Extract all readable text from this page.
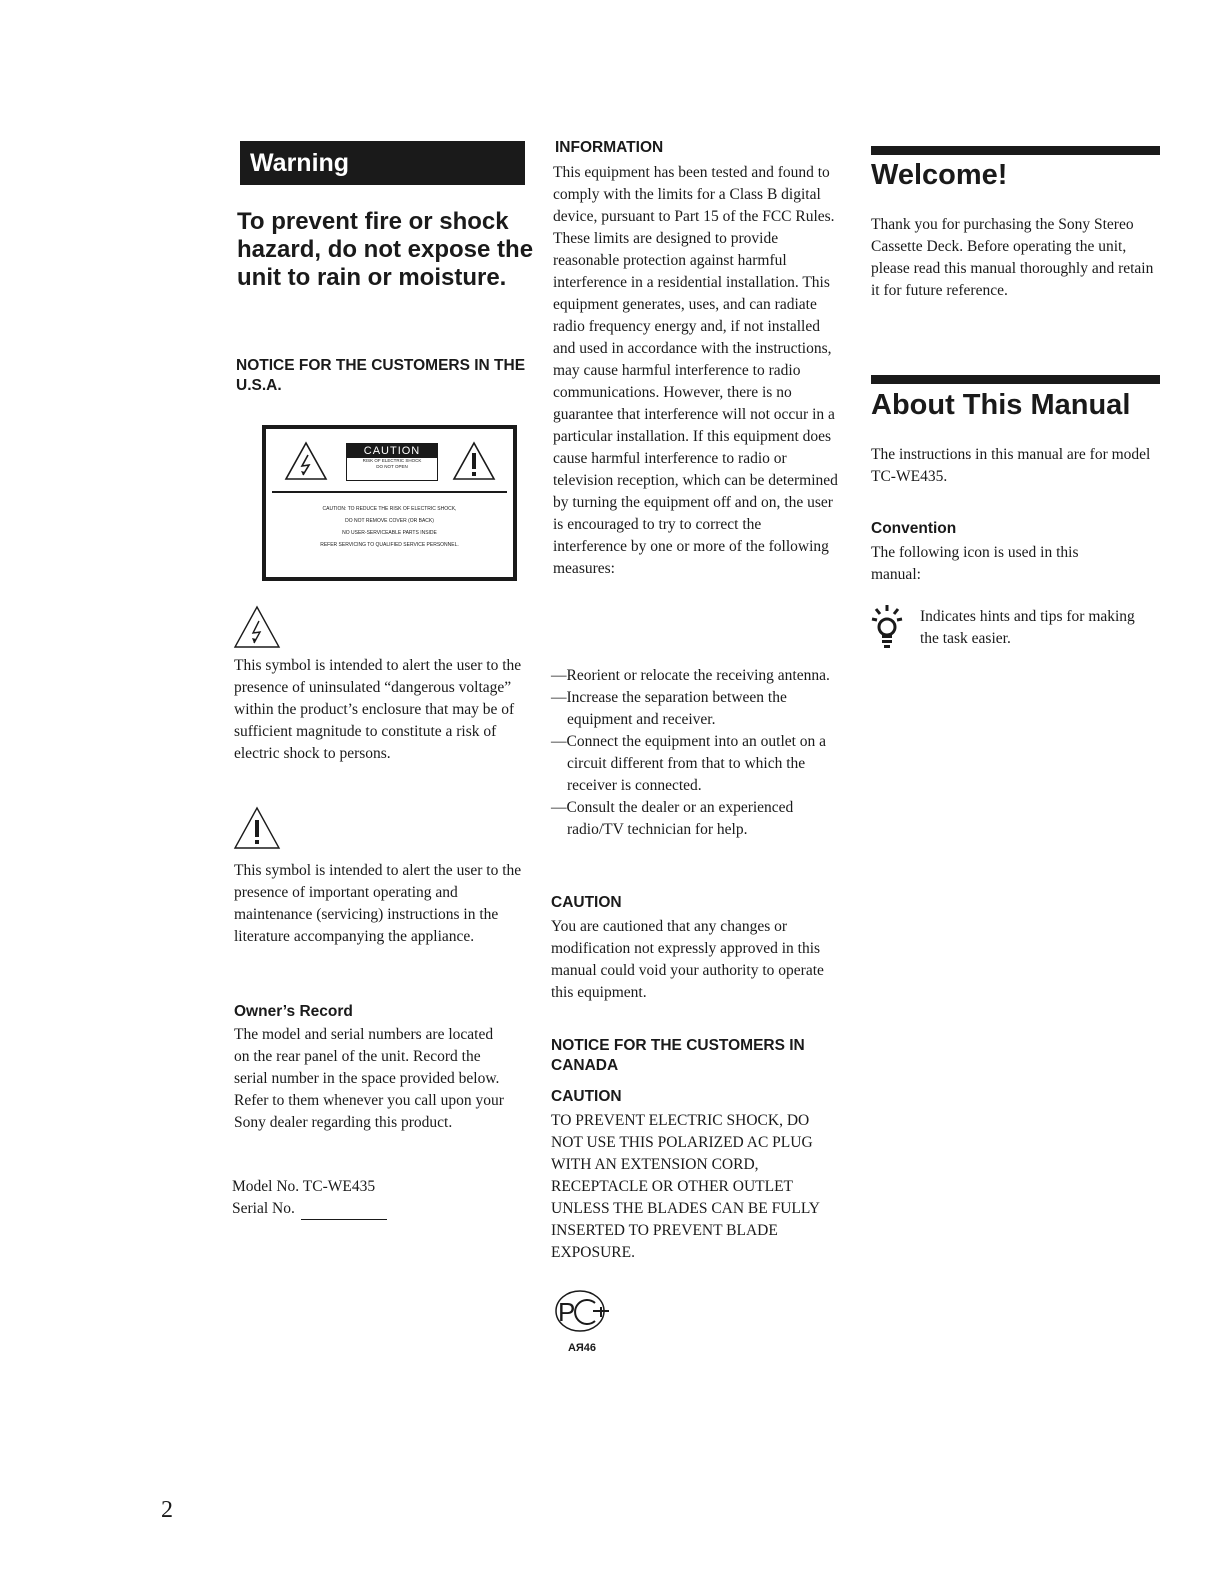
Warning

To prevent fire or shock hazard, do not expose the unit to rain or moisture.

NOTICE FOR THE CUSTOMERS IN THE U.S.A.

CAUTION
RISK OF ELECTRIC SHOCK
DO NOT OPEN
CAUTION: TO REDUCE THE RISK OF ELECTRIC SHOCK,
DO NOT REMOVE COVER (OR BACK)
NO USER-SERVICEABLE PARTS INSIDE
REFER SERVICING TO QUALIFIED SERVICE PERSONNEL.

This symbol is intended to alert the user to the presence of uninsulated “dangerous voltage” within the product’s enclosure that may be of sufficient magnitude to constitute a risk of electric shock to persons.

This symbol is intended to alert the user to the presence of important operating and maintenance (servicing) instructions in the literature accompanying the appliance.

Owner’s Record

The model and serial numbers are located on the rear panel of the unit. Record the serial number in the space provided below. Refer to them whenever you call upon your Sony dealer regarding this product.

Model No. TC-WE435

Serial No.

INFORMATION

This equipment has been tested and found to comply with the limits for a Class B digital device, pursuant to Part 15 of the FCC Rules. These limits are designed to provide reasonable protection against harmful interference in a residential installation. This equipment generates, uses, and can radiate radio frequency energy and, if not installed and used in accordance with the instructions, may cause harmful interference to radio communications. However, there is no guarantee that interference will not occur in a particular installation. If this equipment does cause harmful interference to radio or television reception, which can be determined by turning the equipment off and on, the user is encouraged to try to correct the interference by one or more of the following measures:

—Reorient or relocate the receiving antenna.
—Increase the separation between the equipment and receiver.
—Connect the equipment into an outlet on a circuit different from that to which the receiver is connected.
—Consult the dealer or an experienced radio/TV technician for help.

CAUTION

You are cautioned that any changes or modification not expressly approved in this manual could void your authority to operate this equipment.

NOTICE FOR THE CUSTOMERS IN CANADA

CAUTION

TO PREVENT ELECTRIC SHOCK, DO NOT USE THIS POLARIZED AC PLUG WITH AN EXTENSION CORD, RECEPTACLE OR OTHER OUTLET UNLESS THE BLADES CAN BE FULLY INSERTED TO PREVENT BLADE EXPOSURE.

P
АЯ46

Welcome!

Thank you for purchasing the Sony Stereo Cassette Deck. Before operating the unit, please read this manual thoroughly and retain it for future reference.

About This Manual

The instructions in this manual are for model TC-WE435.

Convention

The following icon is used in this manual:

Indicates hints and tips for making the task easier.

2
